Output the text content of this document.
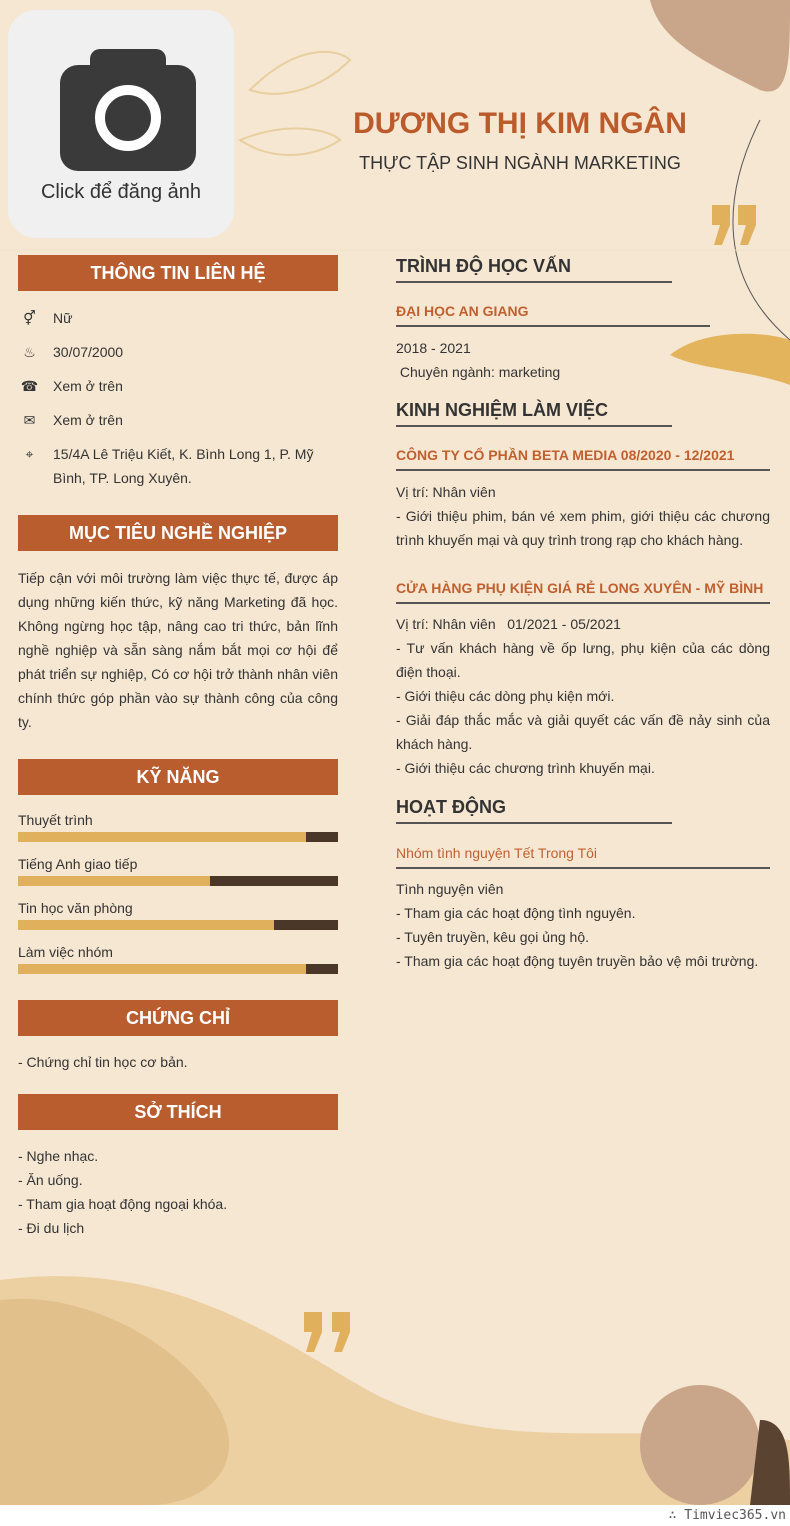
Click để đăng ảnh
DƯƠNG THỊ KIM NGÂN
THỰC TẬP SINH NGÀNH MARKETING
THÔNG TIN LIÊN HỆ
⚥	Nữ
♨	30/07/2000
☎ Xem ở trên
✉	Xem ở trên
⌖	15/4A Lê Triệu Kiết, K. Bình Long 1, P. Mỹ Bình, TP. Long Xuyên.
MỤC TIÊU NGHỀ NGHIỆP
Tiếp cận với môi trường làm việc thực tế, được áp dụng những kiến thức, kỹ năng Marketing đã học. Không ngừng học tập, nâng cao tri thức, bản lĩnh nghề nghiệp và sẵn sàng nắm bắt mọi cơ hội để phát triển sự nghiệp, Có cơ hội trở thành nhân viên chính thức góp phần vào sự thành công của công ty.
KỸ NĂNG
Thuyết trình
Tiếng Anh giao tiếp
Tin học văn phòng
Làm việc nhóm
CHỨNG CHỈ
- Chứng chỉ tin học cơ bản.
SỞ THÍCH
- Nghe nhạc.
- Ăn uống.
- Tham gia hoạt động ngoại khóa.
- Đi du lịch
TRÌNH ĐỘ HỌC VẤN
ĐẠI HỌC AN GIANG
2018 - 2021
Chuyên ngành: marketing
KINH NGHIỆM LÀM VIỆC
CÔNG TY CỔ PHẦN BETA MEDIA 08/2020 - 12/2021
Vị trí: Nhân viên
- Giới thiệu phim, bán vé xem phim, giới thiệu các chương trình khuyến mại và quy trình trong rạp cho khách hàng.
CỬA HÀNG PHỤ KIỆN GIÁ RẺ LONG XUYÊN - MỸ BÌNH
Vị trí: Nhân viên   01/2021 - 05/2021
- Tư vấn khách hàng về ốp lưng, phụ kiện của các dòng điện thoại.
- Giới thiệu các dòng phụ kiện mới.
- Giải đáp thắc mắc và giải quyết các vấn đề nảy sinh của khách hàng.
- Giới thiệu các chương trình khuyến mại.
HOẠT ĐỘNG
Nhóm tình nguyện Tết Trong Tôi
Tình nguyện viên
- Tham gia các hoạt động tình nguyên.
- Tuyên truyền, kêu gọi ủng hộ.
- Tham gia các hoạt động tuyên truyền bảo vệ môi trường.
∴ Timviec365.vn
